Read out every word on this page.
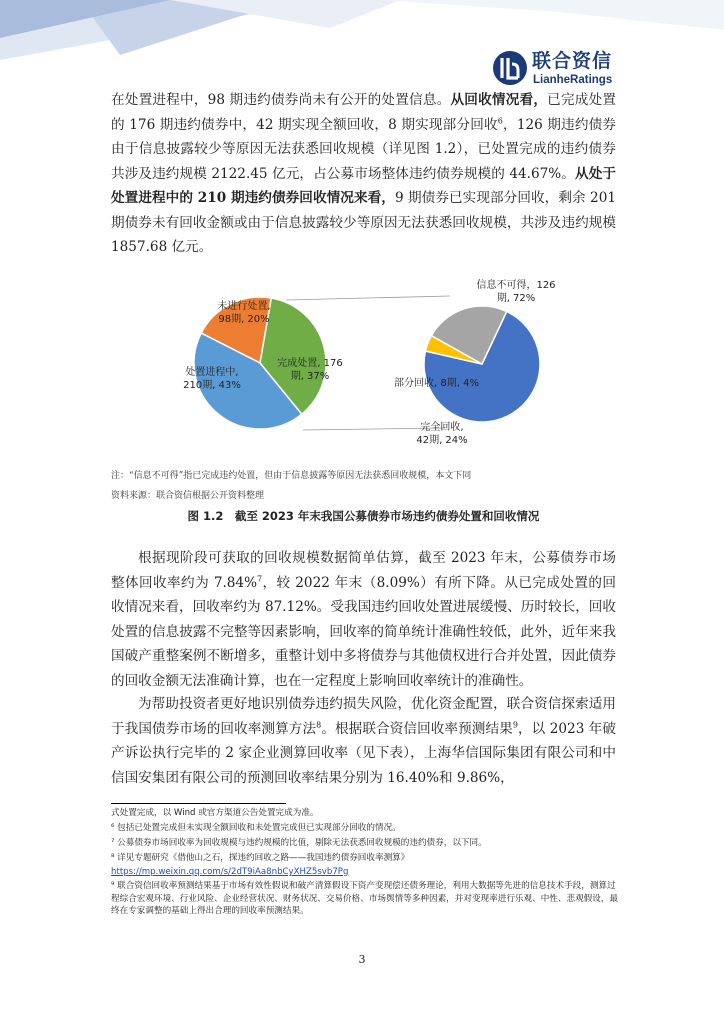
联合资信
LianheRatings
在处置进程中，98 期违约债券尚未有公开的处置信息。从回收情况看，已完成处置的 176 期违约债券中，42 期实现全额回收，8 期实现部分回收$^6$，126 期违约债券由于信息披露较少等原因无法获悉回收规模（详见图 1.2），已处置完成的违约债券共涉及违约规模 2122.45 亿元，占公募市场整体违约债券规模的 44.67%。从处于处置进程中的 210 期违约债券回收情况来看，9 期债券已实现部分回收，剩余 201 期债券未有回收金额或由于信息披露较少等原因无法获悉回收规模，共涉及违约规模 1857.68 亿元。
未进行处置,
98期, 20%
完成处置, 176
期, 37%
处置进程中,
210期, 43%
信息不可得，126
期, 72%
部分回收, 8期, 4%
完全回收,
42期, 24%
注：“信息不可得”指已完成违约处置，但由于信息披露等原因无法获悉回收规模，本文下同
资料来源：联合资信根据公开资料整理
图 1.2　截至 2023 年末我国公募债券市场违约债券处置和回收情况
根据现阶段可获取的回收规模数据简单估算，截至 2023 年末，公募债券市场整体回收率约为 7.84%$^7$，较 2022 年末（8.09%）有所下降。从已完成处置的回收情况来看，回收率约为 87.12%。受我国违约回收处置进展缓慢、历时较长，回收处置的信息披露不完整等因素影响，回收率的简单统计准确性较低，此外，近年来我国破产重整案例不断增多，重整计划中多将债券与其他债权进行合并处置，因此债券的回收金额无法准确计算，也在一定程度上影响回收率统计的准确性。
为帮助投资者更好地识别债券违约损失风险，优化资金配置，联合资信探索适用于我国债券市场的回收率测算方法$^8$。根据联合资信回收率预测结果$^9$，以 2023 年破产诉讼执行完毕的 2 家企业测算回收率（见下表），上海华信国际集团有限公司和中信国安集团有限公司的预测回收率结果分别为 16.40%和 9.86%，
式处置完成，以 Wind 或官方渠道公告处置完成为准。
⁶ 包括已处置完成但未实现全额回收和未处置完成但已实现部分回收的情况。
⁷ 公募债券市场回收率为回收规模与违约规模的比值，剔除无法获悉回收规模的违约债券，以下同。
⁸ 详见专题研究《借他山之石，探违约回收之路——我国违约债券回收率测算》
https://mp.weixin.qq.com/s/2dT9iAa8nbCyXHZ5svb7Pg
⁹ 联合资信回收率预测结果基于市场有效性假说和破产清算假设下资产变现偿还债务理论，利用大数据等先进的信息技术手段，测算过程综合宏观环境、行业风险、企业经营状况、财务状况、交易价格、市场舆情等多种因素，并对变现率进行乐观、中性、悲观假设，最终在专家调整的基础上得出合理的回收率预测结果。
3
